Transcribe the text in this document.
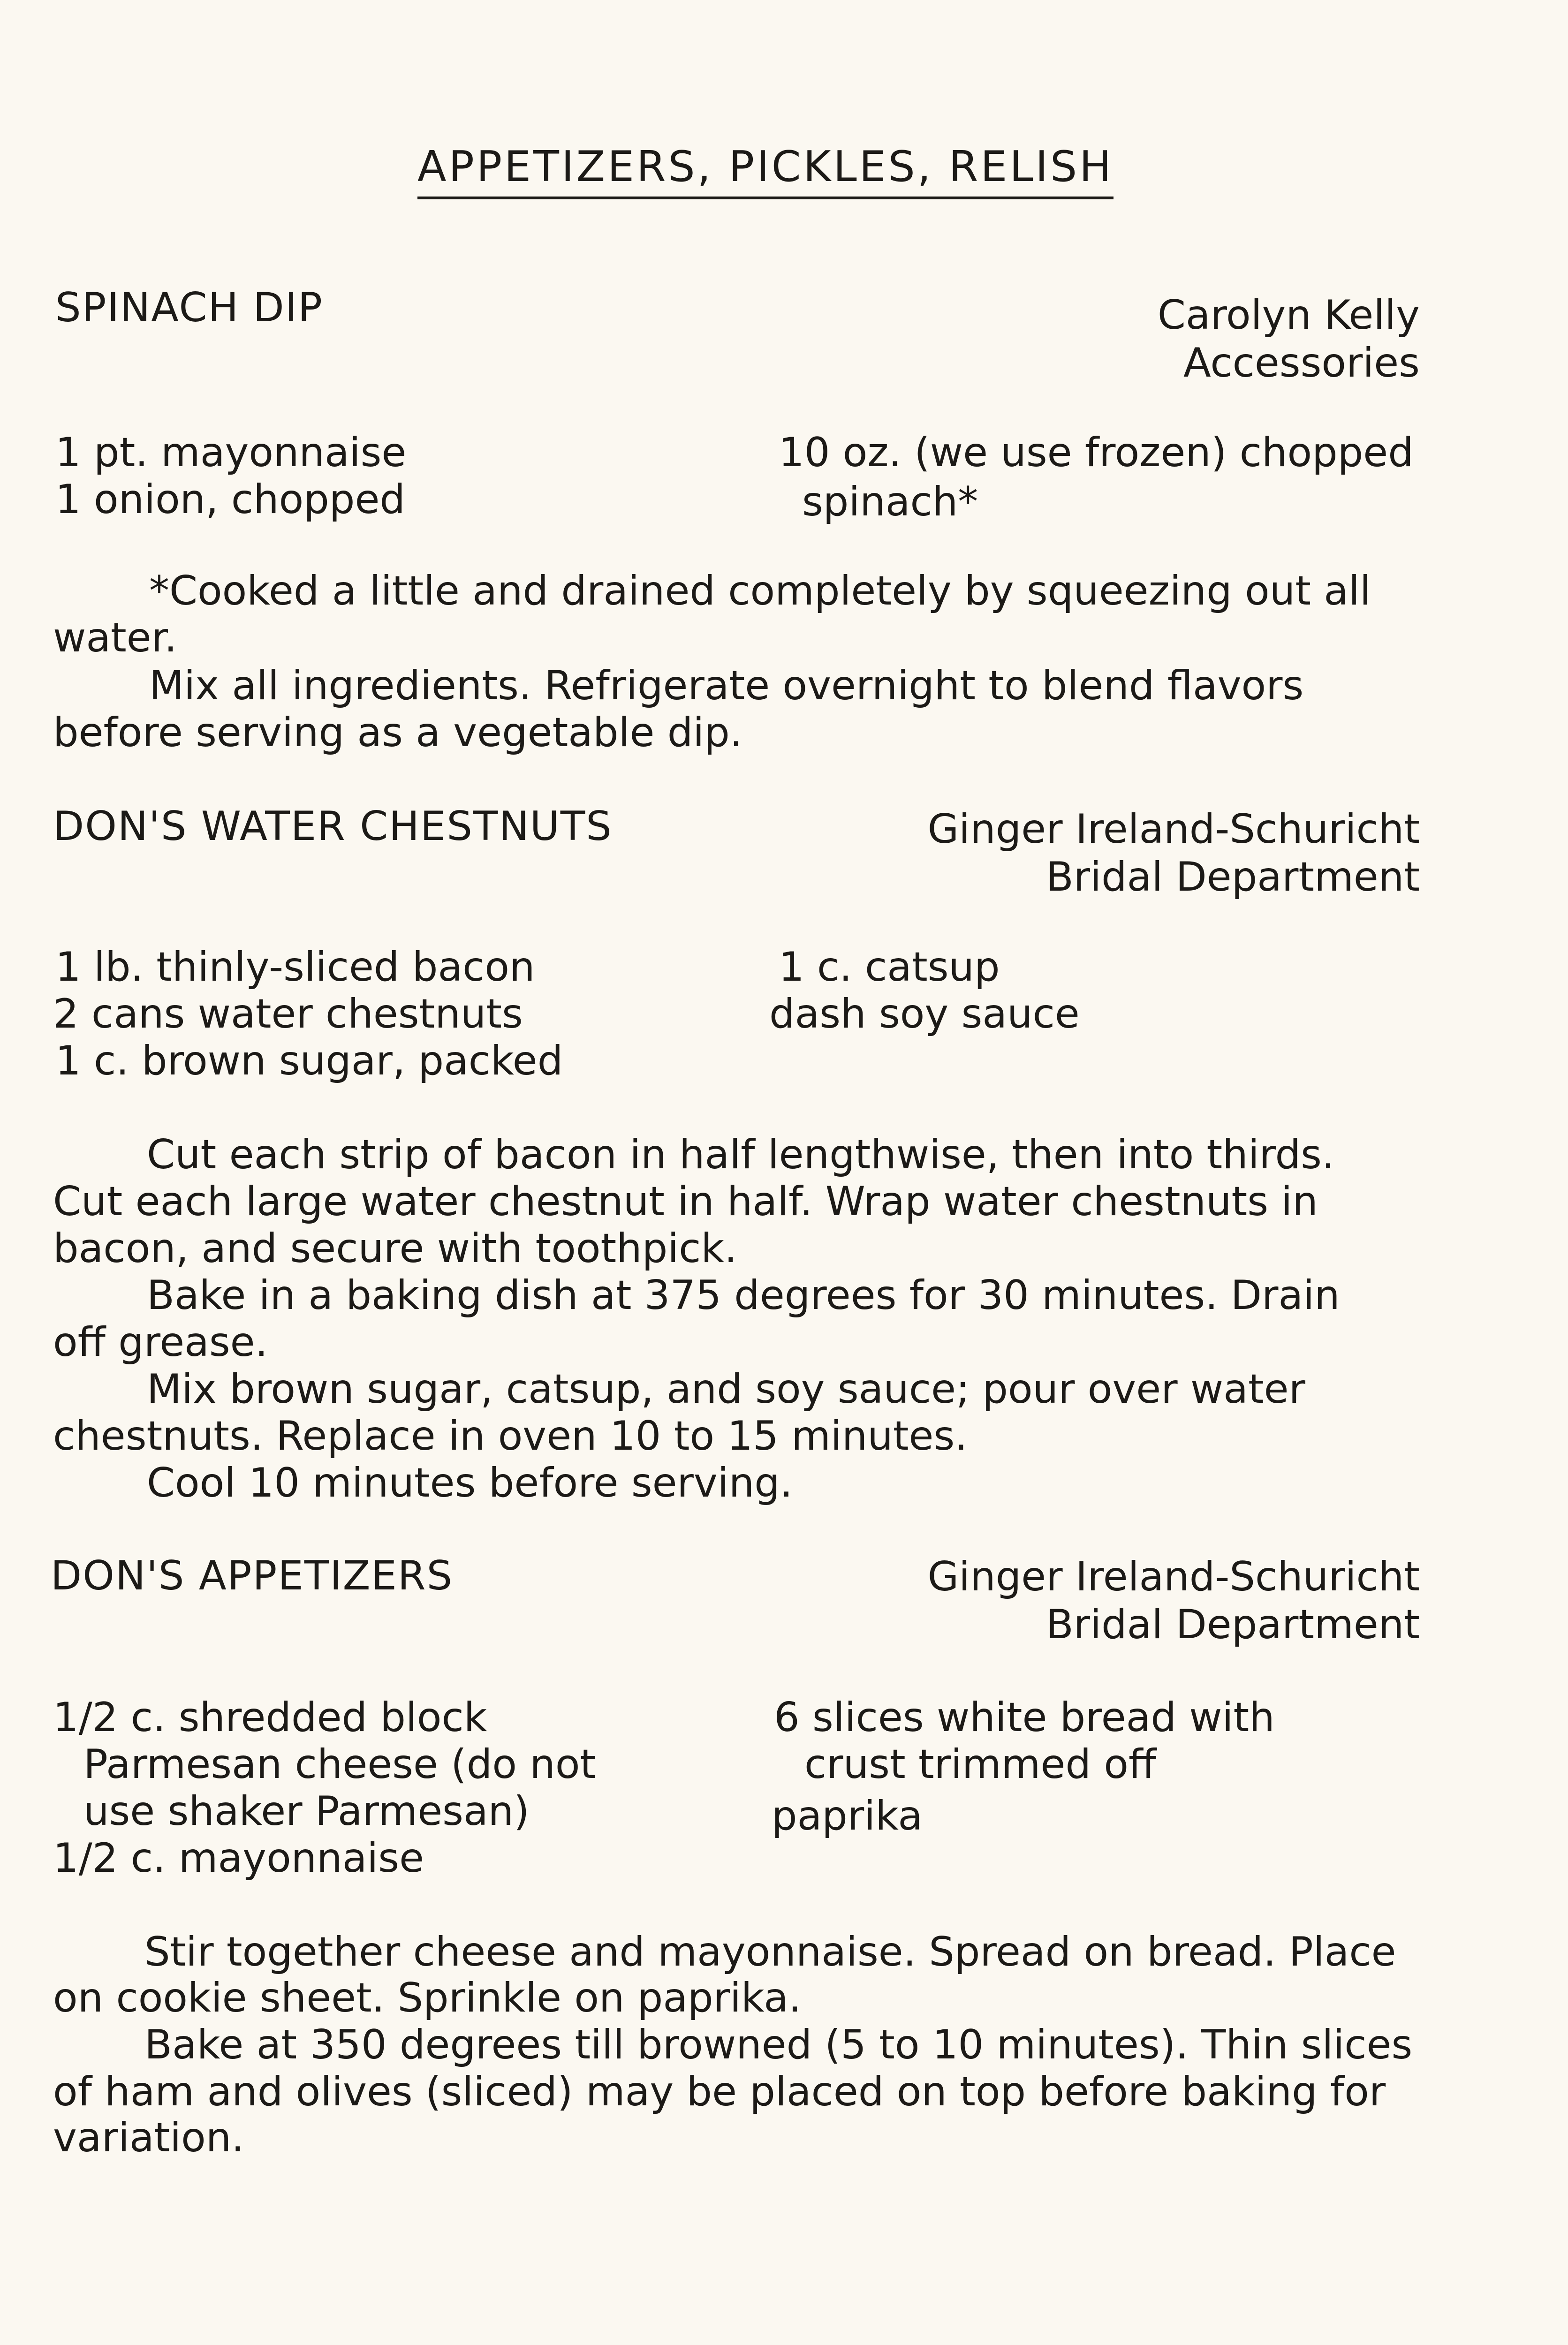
APPETIZERS, PICKLES, RELISH

SPINACH DIP	Carolyn Kelly

Accessories

1 pt. mayonnaise

1 onion, chopped

10 oz. (we use frozen) chopped

spinach*

*Cooked a little and drained completely by squeezing out all

water.

Mix all ingredients. Refrigerate overnight to blend flavors

before serving as a vegetable dip.

DON'S WATER CHESTNUTS	Ginger Ireland-Schuricht

Bridal Department

1 lb. thinly-sliced bacon

2 cans water chestnuts

1 c. brown sugar, packed

1 c. catsup

dash soy sauce

Cut each strip of bacon in half lengthwise, then into thirds.

Cut each large water chestnut in half. Wrap water chestnuts in

bacon, and secure with toothpick.

Bake in a baking dish at 375 degrees for 30 minutes. Drain

off grease.

Mix brown sugar, catsup, and soy sauce; pour over water

chestnuts. Replace in oven 10 to 15 minutes.

Cool 10 minutes before serving.

DON'S APPETIZERS	Ginger Ireland-Schuricht

Bridal Department

1/2 c. shredded block

Parmesan cheese (do not

use shaker Parmesan)

1/2 c. mayonnaise

6 slices white bread with

crust trimmed off

paprika

Stir together cheese and mayonnaise. Spread on bread. Place

on cookie sheet. Sprinkle on paprika.

Bake at 350 degrees till browned (5 to 10 minutes). Thin slices

of ham and olives (sliced) may be placed on top before baking for

variation.
